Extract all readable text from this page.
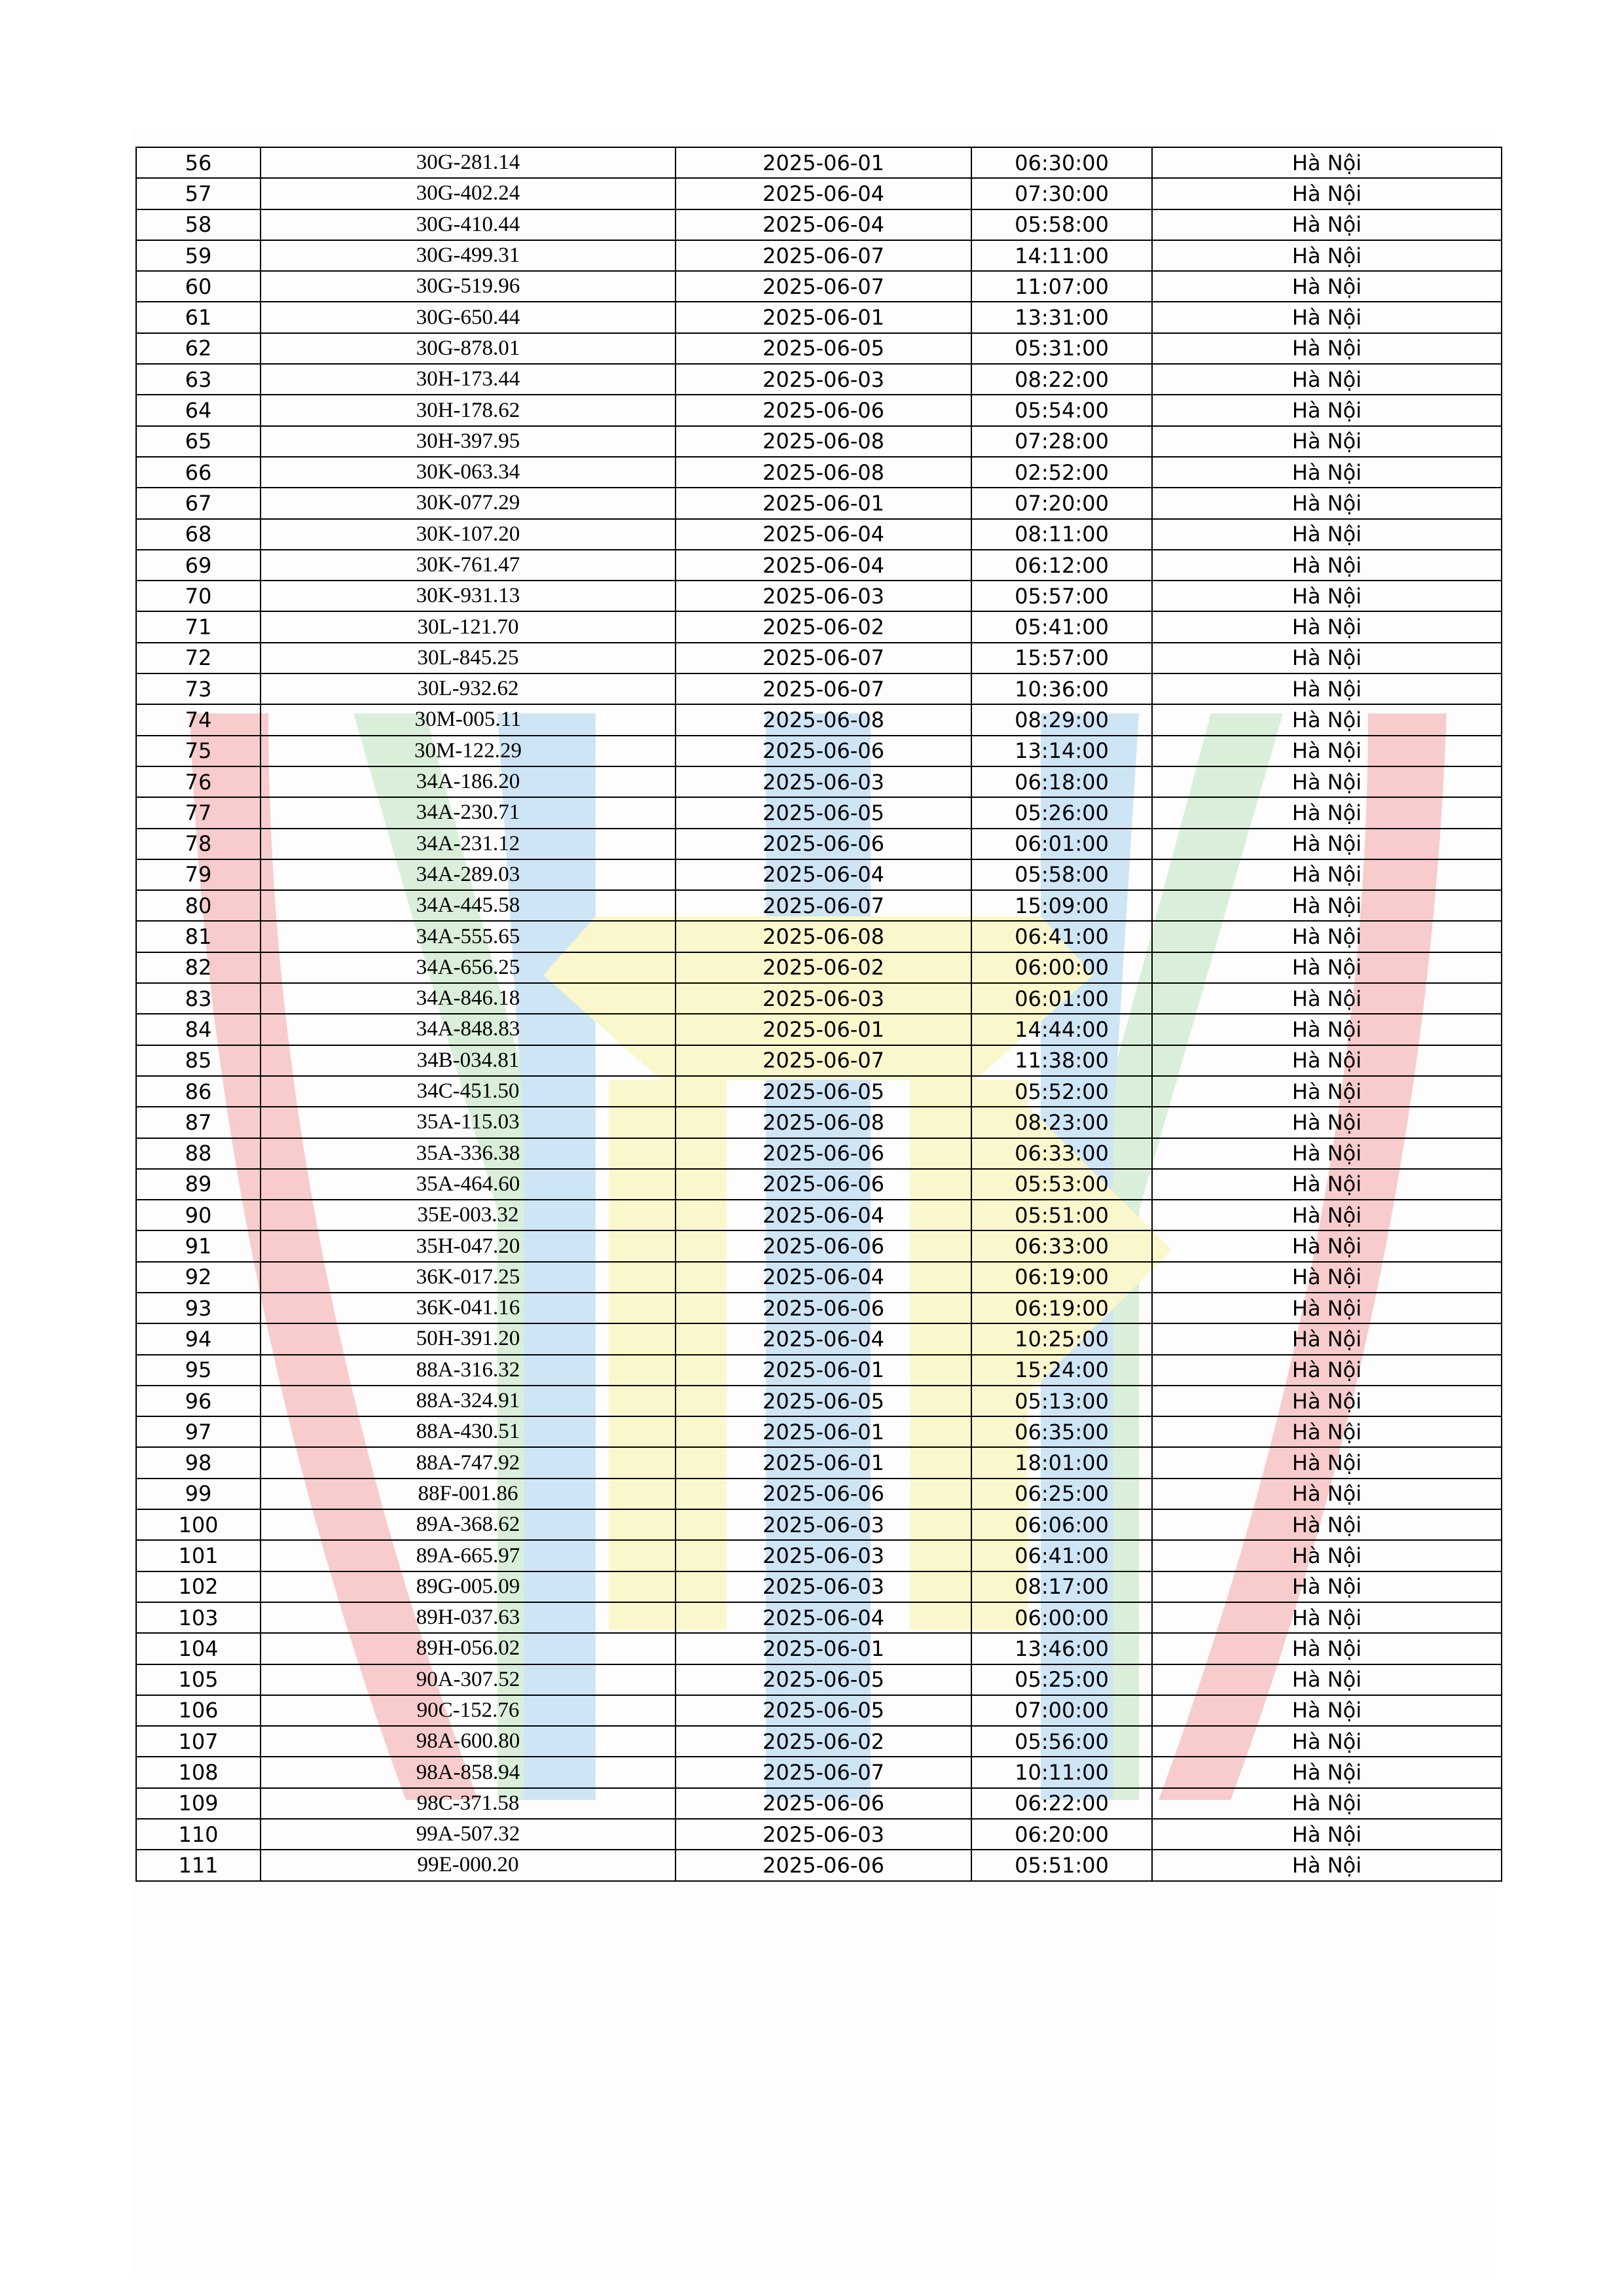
56	30G-281.14	2025-06-01	06:30:00	Hà Nội
57	30G-402.24	2025-06-04	07:30:00	Hà Nội
58	30G-410.44	2025-06-04	05:58:00	Hà Nội
59	30G-499.31	2025-06-07	14:11:00	Hà Nội
60	30G-519.96	2025-06-07	11:07:00	Hà Nội
61	30G-650.44	2025-06-01	13:31:00	Hà Nội
62	30G-878.01	2025-06-05	05:31:00	Hà Nội
63	30H-173.44	2025-06-03	08:22:00	Hà Nội
64	30H-178.62	2025-06-06	05:54:00	Hà Nội
65	30H-397.95	2025-06-08	07:28:00	Hà Nội
66	30K-063.34	2025-06-08	02:52:00	Hà Nội
67	30K-077.29	2025-06-01	07:20:00	Hà Nội
68	30K-107.20	2025-06-04	08:11:00	Hà Nội
69	30K-761.47	2025-06-04	06:12:00	Hà Nội
70	30K-931.13	2025-06-03	05:57:00	Hà Nội
71	30L-121.70	2025-06-02	05:41:00	Hà Nội
72	30L-845.25	2025-06-07	15:57:00	Hà Nội
73	30L-932.62	2025-06-07	10:36:00	Hà Nội
74	30M-005.11	2025-06-08	08:29:00	Hà Nội
75	30M-122.29	2025-06-06	13:14:00	Hà Nội
76	34A-186.20	2025-06-03	06:18:00	Hà Nội
77	34A-230.71	2025-06-05	05:26:00	Hà Nội
78	34A-231.12	2025-06-06	06:01:00	Hà Nội
79	34A-289.03	2025-06-04	05:58:00	Hà Nội
80	34A-445.58	2025-06-07	15:09:00	Hà Nội
81	34A-555.65	2025-06-08	06:41:00	Hà Nội
82	34A-656.25	2025-06-02	06:00:00	Hà Nội
83	34A-846.18	2025-06-03	06:01:00	Hà Nội
84	34A-848.83	2025-06-01	14:44:00	Hà Nội
85	34B-034.81	2025-06-07	11:38:00	Hà Nội
86	34C-451.50	2025-06-05	05:52:00	Hà Nội
87	35A-115.03	2025-06-08	08:23:00	Hà Nội
88	35A-336.38	2025-06-06	06:33:00	Hà Nội
89	35A-464.60	2025-06-06	05:53:00	Hà Nội
90	35E-003.32	2025-06-04	05:51:00	Hà Nội
91	35H-047.20	2025-06-06	06:33:00	Hà Nội
92	36K-017.25	2025-06-04	06:19:00	Hà Nội
93	36K-041.16	2025-06-06	06:19:00	Hà Nội
94	50H-391.20	2025-06-04	10:25:00	Hà Nội
95	88A-316.32	2025-06-01	15:24:00	Hà Nội
96	88A-324.91	2025-06-05	05:13:00	Hà Nội
97	88A-430.51	2025-06-01	06:35:00	Hà Nội
98	88A-747.92	2025-06-01	18:01:00	Hà Nội
99	88F-001.86	2025-06-06	06:25:00	Hà Nội
100	89A-368.62	2025-06-03	06:06:00	Hà Nội
101	89A-665.97	2025-06-03	06:41:00	Hà Nội
102	89G-005.09	2025-06-03	08:17:00	Hà Nội
103	89H-037.63	2025-06-04	06:00:00	Hà Nội
104	89H-056.02	2025-06-01	13:46:00	Hà Nội
105	90A-307.52	2025-06-05	05:25:00	Hà Nội
106	90C-152.76	2025-06-05	07:00:00	Hà Nội
107	98A-600.80	2025-06-02	05:56:00	Hà Nội
108	98A-858.94	2025-06-07	10:11:00	Hà Nội
109	98C-371.58	2025-06-06	06:22:00	Hà Nội
110	99A-507.32	2025-06-03	06:20:00	Hà Nội
111	99E-000.20	2025-06-06	05:51:00	Hà Nội
